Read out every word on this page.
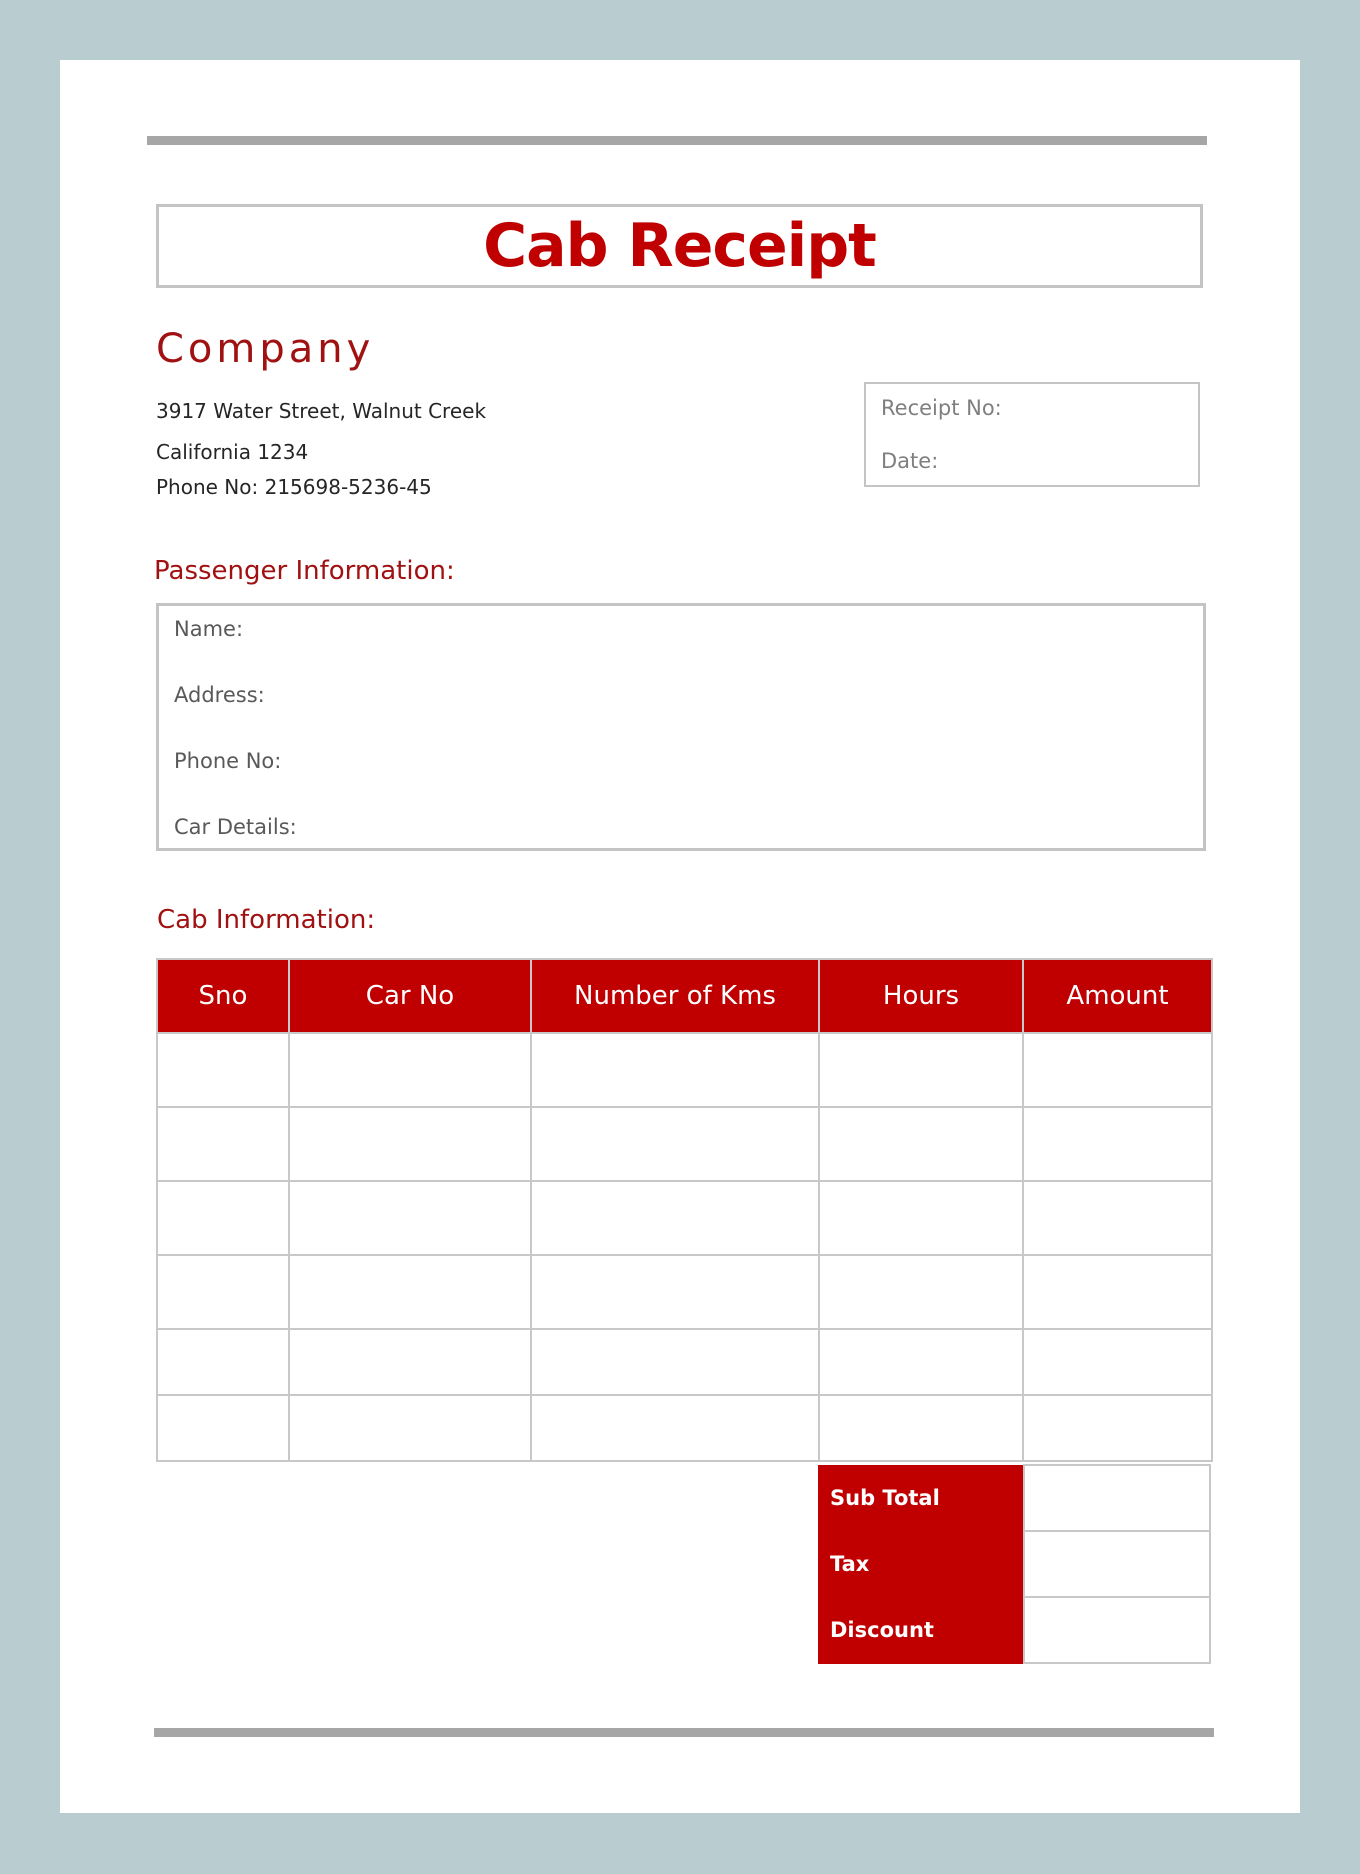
Cab Receipt
Company
3917 Water Street, Walnut Creek
California 1234
Phone No: 215698-5236-45
Receipt No:
Date:
Passenger Information:
Name:
Address:
Phone No:
Car Details:
Cab Information:
Sno	Car No	Number of Kms	Hours	Amount

Sub Total	
Tax	
Discount	
